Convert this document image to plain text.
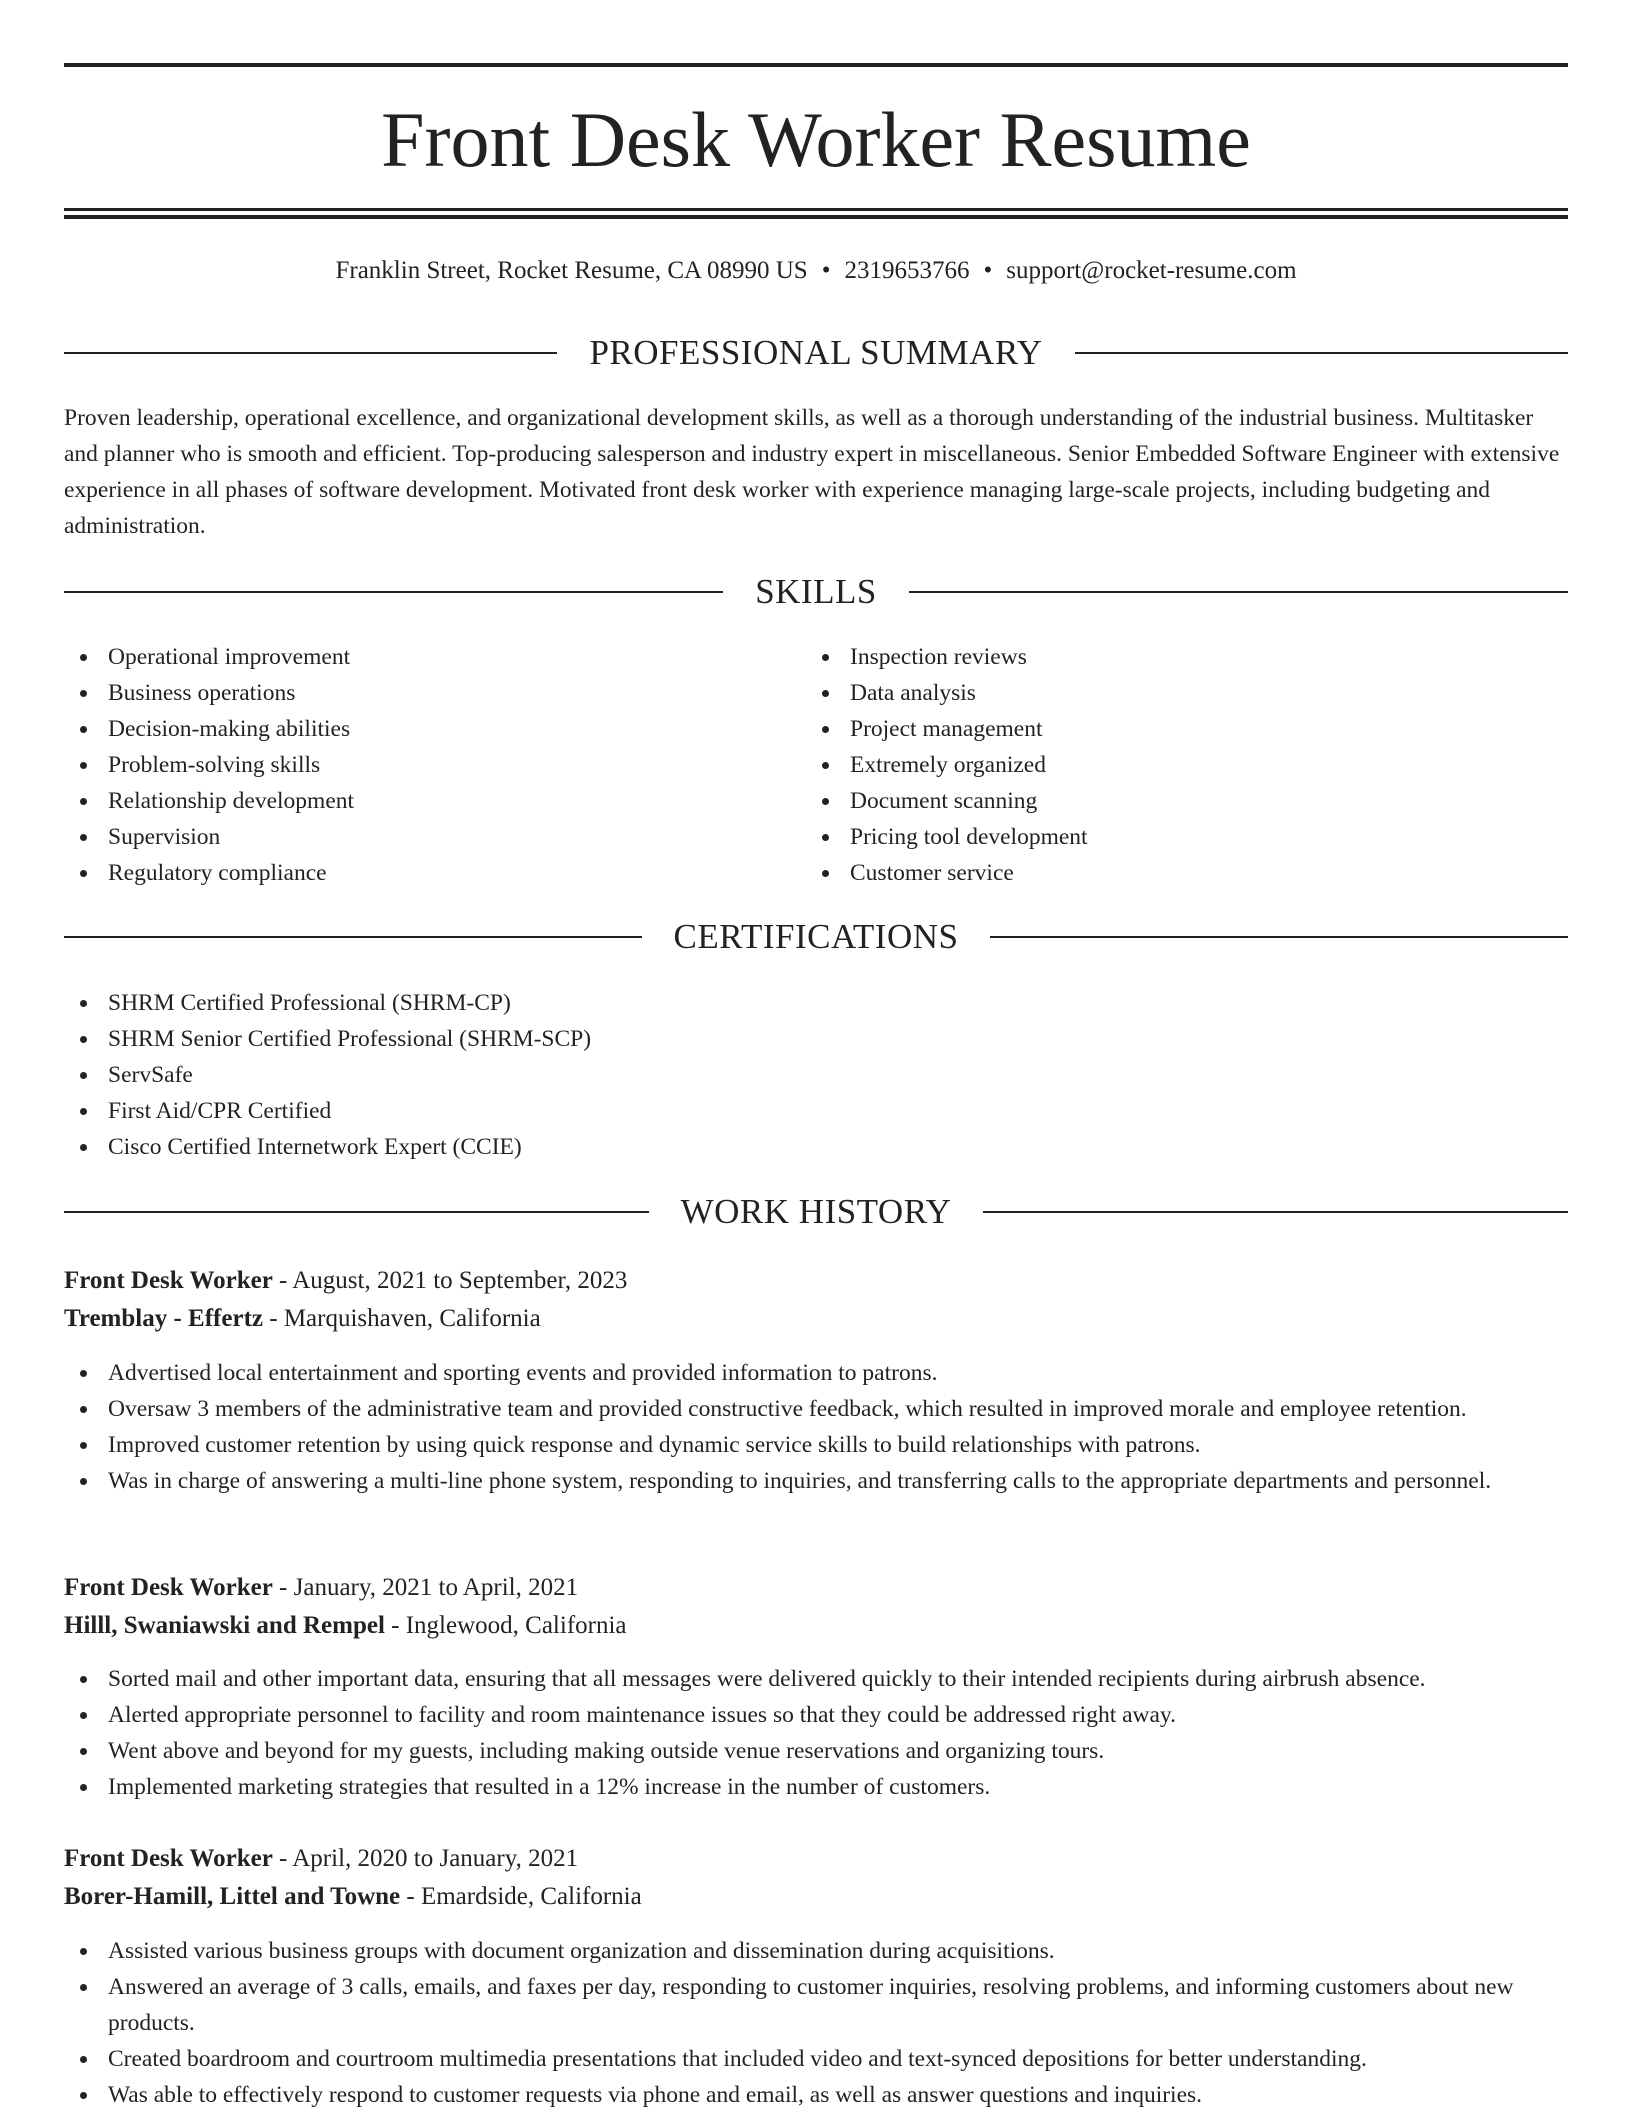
Front Desk Worker Resume
Franklin Street, Rocket Resume, CA 08990 US • 2319653766 • support@rocket-resume.com
PROFESSIONAL SUMMARY

Proven leadership, operational excellence, and organizational development skills, as well as a thorough understanding of the industrial business. Multitasker and planner who is smooth and efficient. Top-producing salesperson and industry expert in miscellaneous. Senior Embedded Software Engineer with extensive experience in all phases of software development. Motivated front desk worker with experience managing large-scale projects, including budgeting and administration.

SKILLS
Operational improvement
Business operations
Decision-making abilities
Problem-solving skills
Relationship development
Supervision
Regulatory compliance
Inspection reviews
Data analysis
Project management
Extremely organized
Document scanning
Pricing tool development
Customer service
CERTIFICATIONS
SHRM Certified Professional (SHRM-CP)
SHRM Senior Certified Professional (SHRM-SCP)
ServSafe
First Aid/CPR Certified
Cisco Certified Internetwork Expert (CCIE)
WORK HISTORY
Front Desk Worker - August, 2021 to September, 2023
Tremblay - Effertz - Marquishaven, California
Advertised local entertainment and sporting events and provided information to patrons.
Oversaw 3 members of the administrative team and provided constructive feedback, which resulted in improved morale and employee retention.
Improved customer retention by using quick response and dynamic service skills to build relationships with patrons.
Was in charge of answering a multi-line phone system, responding to inquiries, and transferring calls to the appropriate departments and personnel.
Front Desk Worker - January, 2021 to April, 2021
Hilll, Swaniawski and Rempel - Inglewood, California
Sorted mail and other important data, ensuring that all messages were delivered quickly to their intended recipients during airbrush absence.
Alerted appropriate personnel to facility and room maintenance issues so that they could be addressed right away.
Went above and beyond for my guests, including making outside venue reservations and organizing tours.
Implemented marketing strategies that resulted in a 12% increase in the number of customers.
Front Desk Worker - April, 2020 to January, 2021
Borer-Hamill, Littel and Towne - Emardside, California
Assisted various business groups with document organization and dissemination during acquisitions.
Answered an average of 3 calls, emails, and faxes per day, responding to customer inquiries, resolving problems, and informing customers about new products.
Created boardroom and courtroom multimedia presentations that included video and text-synced depositions for better understanding.
Was able to effectively respond to customer requests via phone and email, as well as answer questions and inquiries.
